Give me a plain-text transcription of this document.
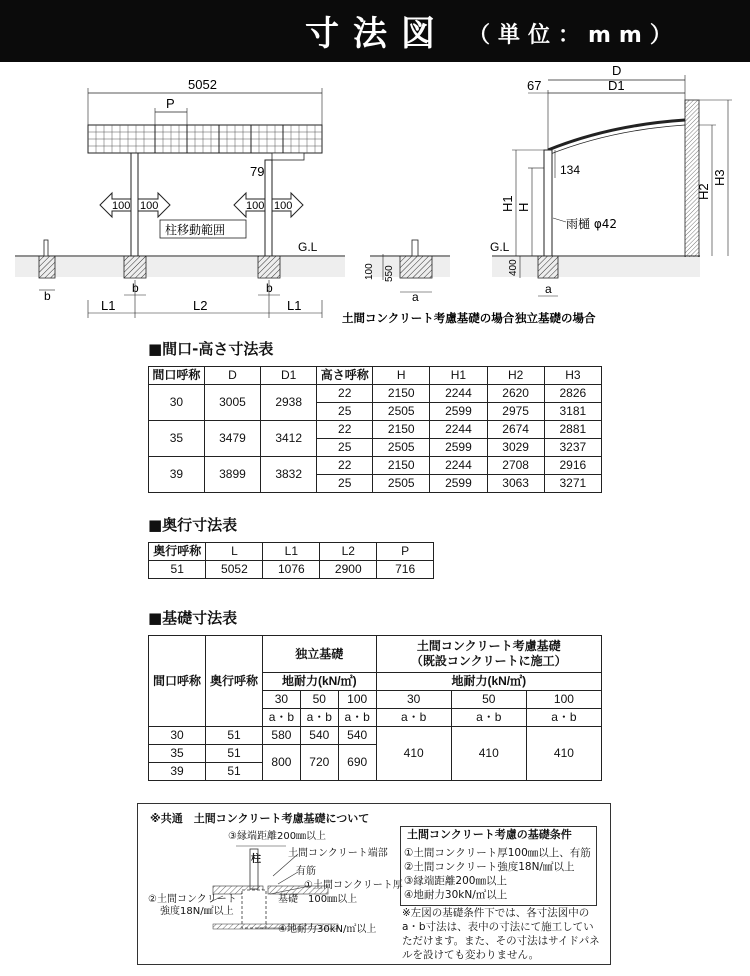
寸法図 （単位：mm）
5052
P
79
100 100	100 100
柱移動範囲
G.L
b
b	b
L1	L2	L1
100 550
a
D
D1
67
134
H1 H
H2
H3
雨樋 φ42
G.L
400
a
土間コンクリート考慮基礎の場合 独立基礎の場合
■間口-高さ寸法表
間口呼称	D	D1	高さ呼称	H	H1	H2	H3
30	3005	2938	22	2150	2244	2620	2826
			25	2505	2599	2975	3181
35	3479	3412	22	2150	2244	2674	2881
			25	2505	2599	3029	3237
39	3899	3832	22	2150	2244	2708	2916
			25	2505	2599	3063	3271
■奥行寸法表
奥行呼称	L	L1	L2	P
51	5052	1076	2900	716
■基礎寸法表
間口呼称	奥行呼称	独立基礎			土間コンクリート考慮基礎
（既設コンクリートに施工）		
		地耐力(kN/㎡)			地耐力(kN/㎡)		
		30	50	100	30	50	100
		a・b	a・b	a・b	a・b	a・b	a・b
30	51	580	540	540	410	410	410
35	51	800	720	690			
39	51						
※共通　土間コンクリート考慮基礎について
③縁端距離200㎜以上
柱
土間コンクリート端部
有筋
①土間コンクリート厚
基礎　100㎜以上
②土間コンクリート
強度18N/㎟以上
④地耐力30kN/㎡以上
土間コンクリート考慮の基礎条件
①土間コンクリート厚100㎜以上、有筋
②土間コンクリート強度18N/㎟以上
③縁端距離200㎜以上
④地耐力30kN/㎡以上
※左図の基礎条件下では、各寸法図中のa・b寸法は、表中の寸法にて施工していただけます。また、その寸法はサイドパネルを設けても変わりません。
